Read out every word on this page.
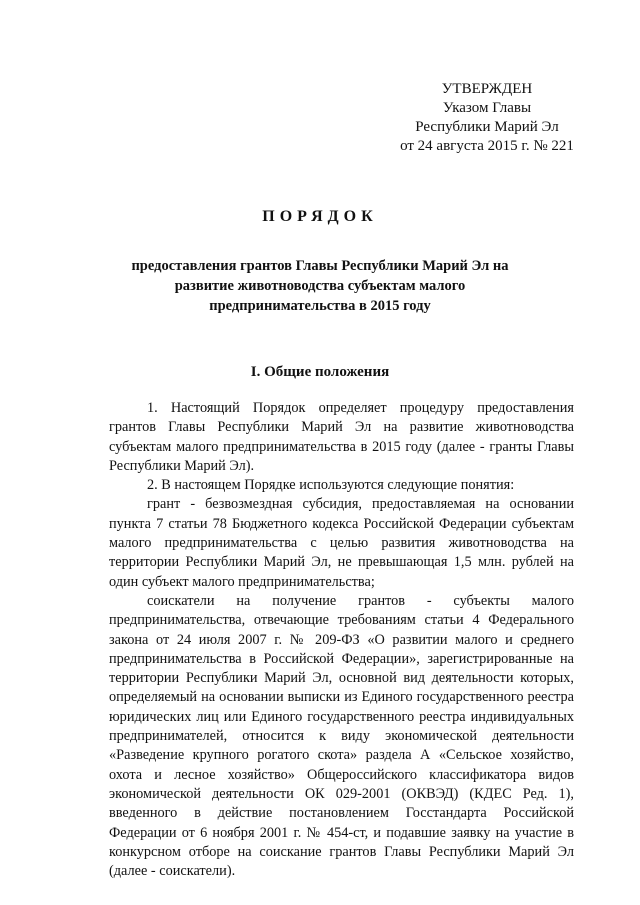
УТВЕРЖДЕН
Указом Главы
Республики Марий Эл
от 24 августа 2015 г. № 221
ПОРЯДОК
предоставления грантов Главы Республики Марий Эл на развитие животноводства субъектам малого предпринимательства в 2015 году
I. Общие положения

1. Настоящий Порядок определяет процедуру предоставления грантов Главы Республики Марий Эл на развитие животноводства субъектам малого предпринимательства в 2015 году (далее - гранты Главы Республики Марий Эл).

2. В настоящем Порядке используются следующие понятия:

грант - безвозмездная субсидия, предоставляемая на основании пункта 7 статьи 78 Бюджетного кодекса Российской Федерации субъектам малого предпринимательства с целью развития животноводства на территории Республики Марий Эл, не превышающая 1,5 млн. рублей на один субъект малого предпринимательства;

соискатели на получение грантов - субъекты малого предпринимательства, отвечающие требованиям статьи 4 Федерального закона от 24 июля 2007 г. № 209-ФЗ «О развитии малого и среднего предпринимательства в Российской Федерации», зарегистрированные на территории Республики Марий Эл, основной вид деятельности которых, определяемый на основании выписки из Единого государственного реестра юридических лиц или Единого государственного реестра индивидуальных предпринимателей, относится к виду экономической деятельности «Разведение крупного рогатого скота» раздела А «Сельское хозяйство, охота и лесное хозяйство» Общероссийского классификатора видов экономической деятельности ОК 029-2001 (ОКВЭД) (КДЕС Ред. 1), введенного в действие постановлением Госстандарта Российской Федерации от 6 ноября 2001 г. № 454-ст, и подавшие заявку на участие в конкурсном отборе на соискание грантов Главы Республики Марий Эл (далее - соискатели).
